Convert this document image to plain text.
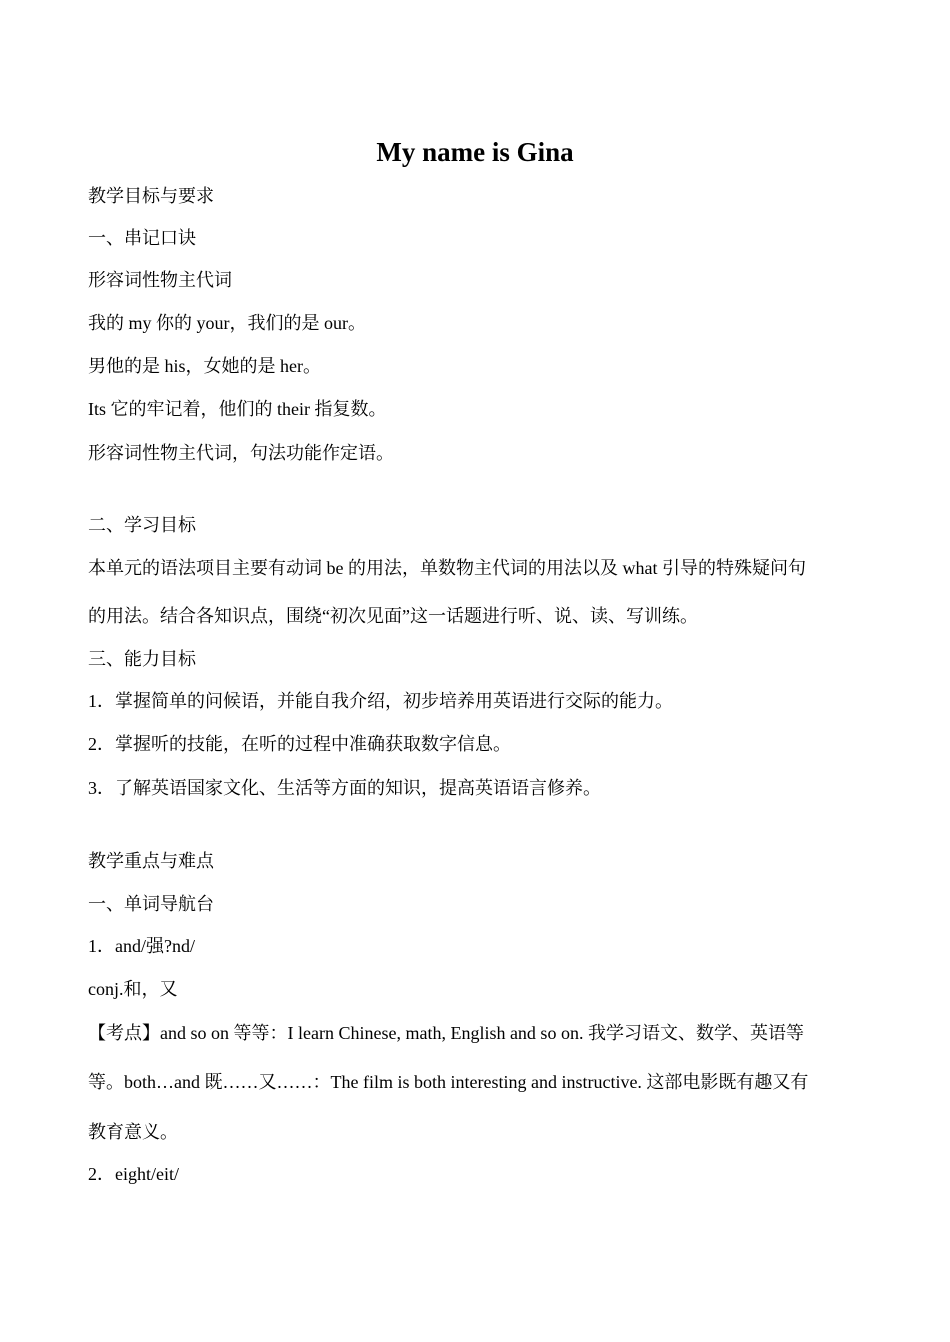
My name is Gina
教学目标与要求
一、串记口诀
形容词性物主代词
我的 my 你的 your，我们的是 our。
男他的是 his，女她的是 her。
Its 它的牢记着，他们的 their 指复数。
形容词性物主代词，句法功能作定语。
二、学习目标
本单元的语法项目主要有动词 be 的用法，单数物主代词的用法以及 what 引导的特殊疑问句
的用法。结合各知识点，围绕“初次见面”这一话题进行听、说、读、写训练。
三、能力目标
1．掌握简单的问候语，并能自我介绍，初步培养用英语进行交际的能力。
2．掌握听的技能，在听的过程中准确获取数字信息。
3．了解英语国家文化、生活等方面的知识，提高英语语言修养。
教学重点与难点
一、单词导航台
1．and/强?nd/
conj.和，又
【考点】and so on 等等：I learn Chinese, math, English and so on. 我学习语文、数学、英语等
等。both…and 既……又……：The film is both interesting and instructive. 这部电影既有趣又有
教育意义。
2．eight/eit/
